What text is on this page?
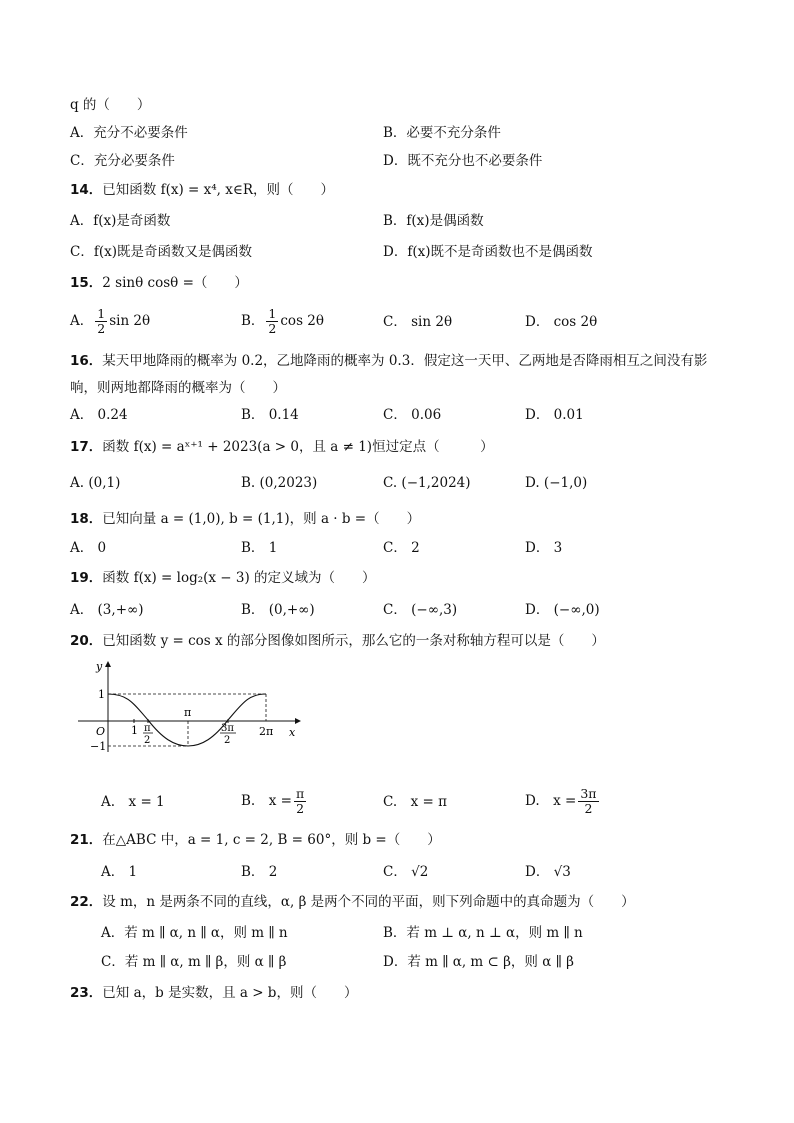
q 的（　　）
A．充分不必要条件	B．必要不充分条件
C．充分必要条件	D．既不充分也不必要条件
14．已知函数 f(x) = x⁴, x∈R，则（　　）
A．f(x)是奇函数	B．f(x)是偶函数
C．f(x)既是奇函数又是偶函数	D．f(x)既不是奇函数也不是偶函数
15．2 sinθ cosθ =（　　）
A． $\frac{1}{2}$ sin 2θ	B． $\frac{1}{2}$ cos 2θ	C． sin 2θ	D． cos 2θ
16．某天甲地降雨的概率为 0.2，乙地降雨的概率为 0.3．假定这一天甲、乙两地是否降雨相互之间没有影
响，则两地都降雨的概率为（　　）
A． 0.24	B． 0.14	C． 0.06	D． 0.01
17．函数 f(x) = aˣ⁺¹ + 2023(a > 0，且 a ≠ 1)恒过定点（　　　）
A. (0,1)	B. (0,2023)	C. (−1,2024)	D. (−1,0)
18．已知向量 a = (1,0), b = (1,1)，则 a · b =（　　）
A． 0	B． 1	C． 2	D． 3
19．函数 f(x) = log₂(x − 3) 的定义域为（　　）
A． (3,+∞)	B． (0,+∞)	C． (−∞,3)	D． (−∞,0)
20．已知函数 y = cos x 的部分图像如图所示，那么它的一条对称轴方程可以是（　　）
y
x
O
1
−1
1 π
2
π
3π
2
2π
A.　x = 1	B.　$x = \frac{\pi}{2}$	C.　x = π	D.　$x = \frac{3\pi}{2}$
21．在△ABC 中，a = 1, c = 2, B = 60°，则 b =（　　）
A． 1	B． 2	C． √2	D． √3
22．设 m，n 是两条不同的直线，α, β 是两个不同的平面，则下列命题中的真命题为（　　）
A．若 m ∥ α, n ∥ α，则 m ∥ n	B．若 m ⊥ α, n ⊥ α，则 m ∥ n
C．若 m ∥ α, m ∥ β，则 α ∥ β	D．若 m ∥ α, m ⊂ β，则 α ∥ β
23．已知 a，b 是实数，且 a > b，则（　　）
